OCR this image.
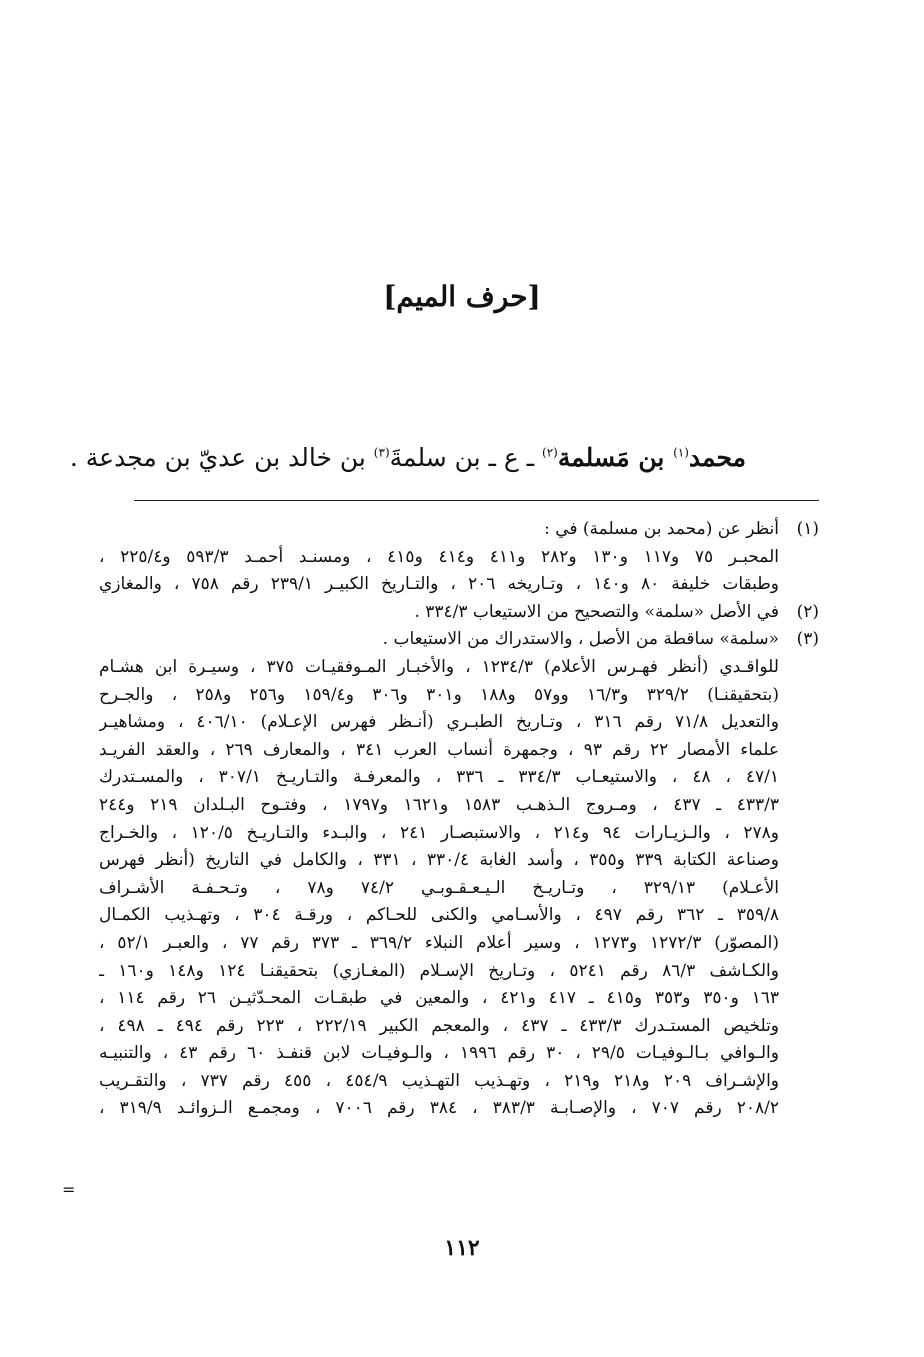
[حرف الميم]
محمد$^{(١)}$ بن مَسلمة$^{(٢)}$ ـ ع ـ بن سلمةَ$^{(٣)}$ بن خالد بن عديّ بن مجدعة .
(١)
أنظر عن (محمد بن مسلمة) في :
المحبـر ٧٥ و١١٧ و١٣٠ و٢٨٢ و٤١١ و٤١٤ و٤١٥ ، ومسنـد أحمـد ٥٩٣/٣ و٢٢٥/٤ ،
وطبقات خليفة ٨٠ و١٤٠ ، وتـاريخه ٢٠٦ ، والتـاريخ الكبيـر ٢٣٩/١ رقم ٧٥٨ ، والمغازي
(٢)
في الأصل «سلمة» والتصحيح من الاستيعاب ٣٣٤/٣ .
(٣)
«سلمة» ساقطة من الأصل ، والاستدراك من الاستيعاب .
للواقـدي (أنظر فهـرس الأعلام) ١٢٣٤/٣ ، والأخبـار المـوفقيـات ٣٧٥ ، وسيـرة ابن هشـام
(بتحقيقنـا) ٣٢٩/٢ و١٦/٣ وو٥٧ و١٨٨ و٣٠١ و٣٠٦ و١٥٩/٤ و٢٥٦ و٢٥٨ ، والجـرح
والتعديل ٧١/٨ رقم ٣١٦ ، وتـاريخ الطبـري (أنـظر فهرس الإعـلام) ٤٠٦/١٠ ، ومشاهيـر
علماء الأمصار ٢٢ رقم ٩٣ ، وجمهرة أنساب العرب ٣٤١ ، والمعارف ٢٦٩ ، والعقد الفريـد
٤٧/١ ، ٤٨ ، والاستيعـاب ٣٣٤/٣ ـ ٣٣٦ ، والمعرفـة والتـاريـخ ٣٠٧/١ ، والمسـتدرك
٤٣٣/٣ ـ ٤٣٧ ، ومـروج الـذهـب ١٥٨٣ و١٦٢١ و١٧٩٧ ، وفتـوح البـلدان ٢١٩ و٢٤٤
و٢٧٨ ، والـزيـارات ٩٤ و٢١٤ ، والاستبصـار ٢٤١ ، والبـدء والتـاريـخ ١٢٠/٥ ، والخـراج
وصناعة الكتابة ٣٣٩ و٣٥٥ ، وأسد الغابة ٣٣٠/٤ ، ٣٣١ ، والكامل في التاريخ (أنظر فهرس
الأعـلام) ٣٢٩/١٣ ، وتـاريـخ الـيـعـقـوبـي ٧٤/٢ و٧٨ ، وتـحـفـة الأشـراف
٣٥٩/٨ ـ ٣٦٢ رقم ٤٩٧ ، والأسـامي والكنى للحـاكم ، ورقـة ٣٠٤ ، وتهـذيب الكمـال
(المصوّر) ١٢٧٢/٣ و١٢٧٣ ، وسير أعلام النبلاء ٣٦٩/٢ ـ ٣٧٣ رقم ٧٧ ، والعبـر ٥٢/١ ،
والكـاشف ٨٦/٣ رقم ٥٢٤١ ، وتـاريخ الإسـلام (المغـازي) بتحقيقنـا ١٢٤ و١٤٨ و١٦٠ ـ
١٦٣ و٣٥٠ و٣٥٣ و٤١٥ ـ ٤١٧ و٤٢١ ، والمعين في طبقـات المحـدّثيـن ٢٦ رقم ١١٤ ،
وتلخيص المستـدرك ٤٣٣/٣ ـ ٤٣٧ ، والمعجم الكبير ٢٢٢/١٩ ، ٢٢٣ رقم ٤٩٤ ـ ٤٩٨ ،
والـوافي بـالـوفيـات ٢٩/٥ ، ٣٠ رقم ١٩٩٦ ، والـوفيـات لابن قنفـذ ٦٠ رقم ٤٣ ، والتنبيـه
والإشـراف ٢٠٩ و٢١٨ و٢١٩ ، وتهـذيب التهـذيب ٤٥٤/٩ ، ٤٥٥ رقم ٧٣٧ ، والتقـريب
٢٠٨/٢ رقم ٧٠٧ ، والإصـابـة ٣٨٣/٣ ، ٣٨٤ رقم ٧٠٠٦ ، ومجمـع الـزوائـد ٣١٩/٩ ،
=
١١٢
